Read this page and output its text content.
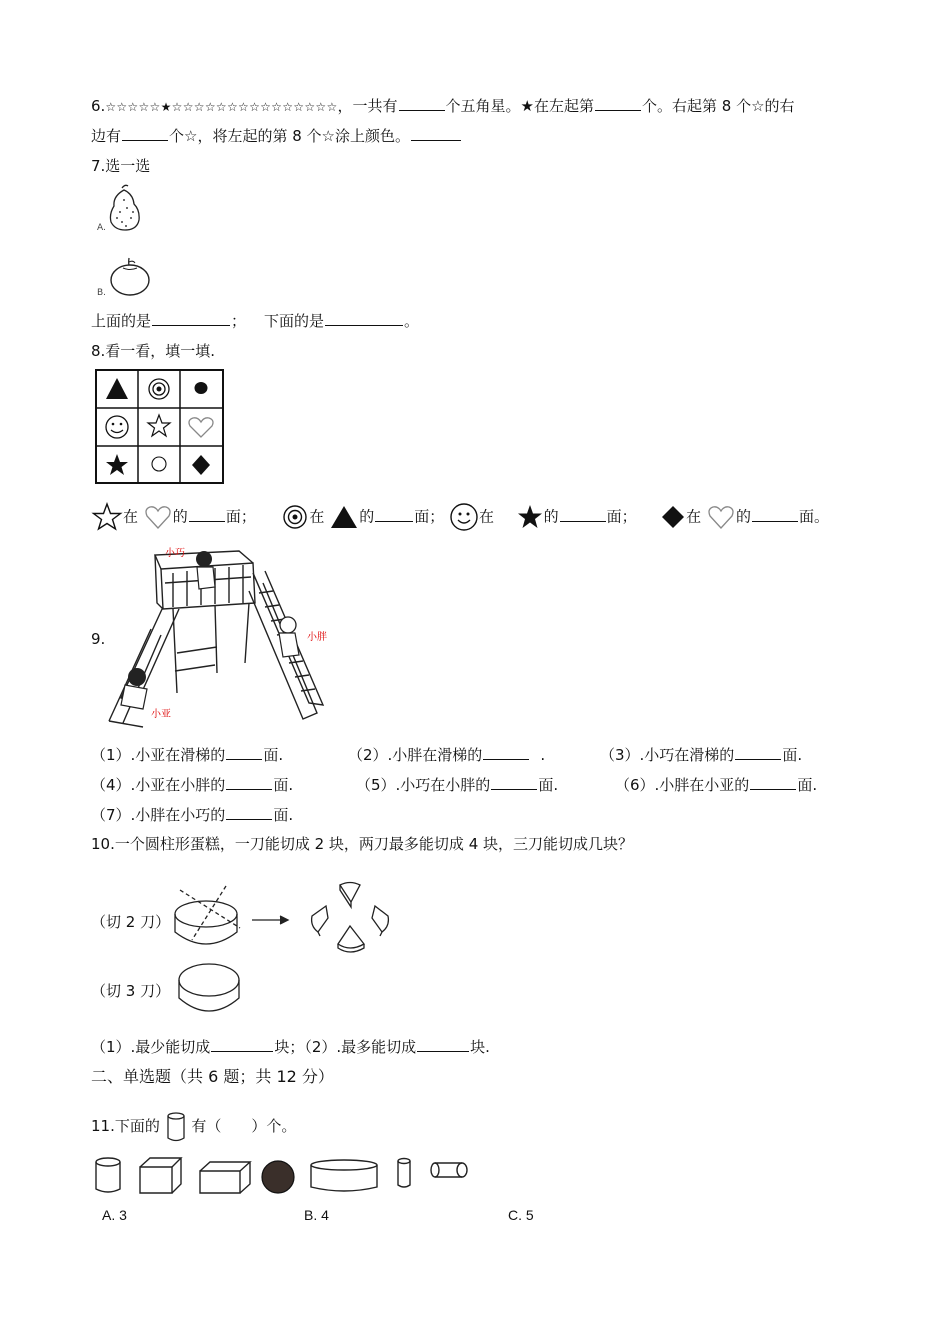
6.☆☆☆☆☆★☆☆☆☆☆☆☆☆☆☆☆☆☆☆☆，一共有	个五角星。★在左起第	个。右起第 8 个☆的右
边有	个☆，将左起的第 8 个☆涂上颜色。
7.选一选
A.
B.
上面的是	； 下面的是	。
8.看一看，填一填.
在 的	面；	在 的	面； 在	的	面；	在 的	面。
9.
小巧
小胖
小亚
（1）.小亚在滑梯的	面.	（2）.小胖在滑梯的	.	（3）.小巧在滑梯的	面.
（4）.小亚在小胖的	面.	（5）.小巧在小胖的	面.	（6）.小胖在小亚的	面.
（7）.小胖在小巧的	面.
10.一个圆柱形蛋糕，一刀能切成 2 块，两刀最多能切成 4 块，三刀能切成几块？
（切 2 刀）
（切 3 刀）
（1）.最少能切成	块；（2）.最多能切成	块.
二、单选题（共 6 题；共 12 分）
11.下面的 有（　　）个。
A. 3	B. 4	C. 5
